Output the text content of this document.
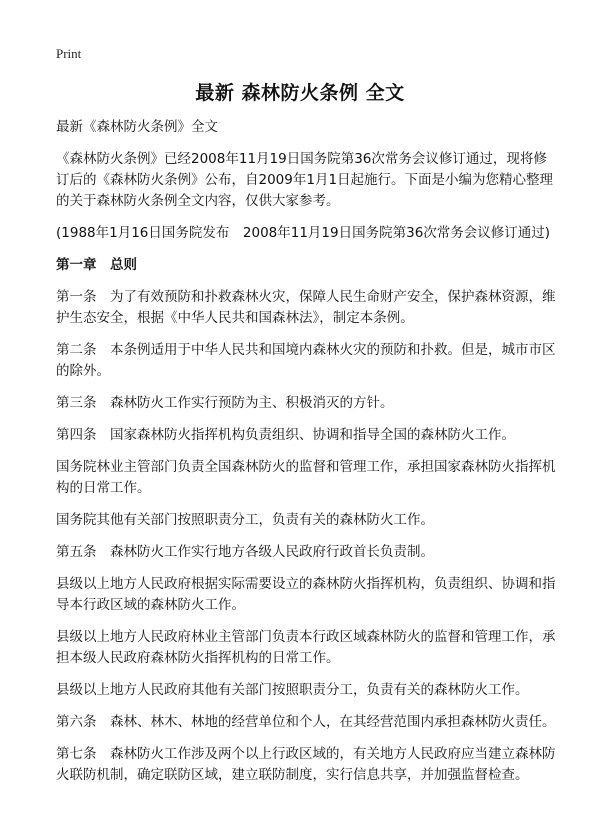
Print
最新 森林防火条例 全文

最新《森林防火条例》全文

《森林防火条例》已经2008年11月19日国务院第36次常务会议修订通过，现将修订后的《森林防火条例》公布，自2009年1月1日起施行。下面是小编为您精心整理的关于森林防火条例全文内容，仅供大家参考。

(1988年1月16日国务院发布　2008年11月19日国务院第36次常务会议修订通过)

第一章　总则

第一条　为了有效预防和扑救森林火灾，保障人民生命财产安全，保护森林资源，维护生态安全，根据《中华人民共和国森林法》，制定本条例。

第二条　本条例适用于中华人民共和国境内森林火灾的预防和扑救。但是，城市市区的除外。

第三条　森林防火工作实行预防为主、积极消灭的方针。

第四条　国家森林防火指挥机构负责组织、协调和指导全国的森林防火工作。

国务院林业主管部门负责全国森林防火的监督和管理工作，承担国家森林防火指挥机构的日常工作。

国务院其他有关部门按照职责分工，负责有关的森林防火工作。

第五条　森林防火工作实行地方各级人民政府行政首长负责制。

县级以上地方人民政府根据实际需要设立的森林防火指挥机构，负责组织、协调和指导本行政区域的森林防火工作。

县级以上地方人民政府林业主管部门负责本行政区域森林防火的监督和管理工作，承担本级人民政府森林防火指挥机构的日常工作。

县级以上地方人民政府其他有关部门按照职责分工，负责有关的森林防火工作。

第六条　森林、林木、林地的经营单位和个人，在其经营范围内承担森林防火责任。

第七条　森林防火工作涉及两个以上行政区域的，有关地方人民政府应当建立森林防火联防机制，确定联防区域，建立联防制度，实行信息共享，并加强监督检查。
